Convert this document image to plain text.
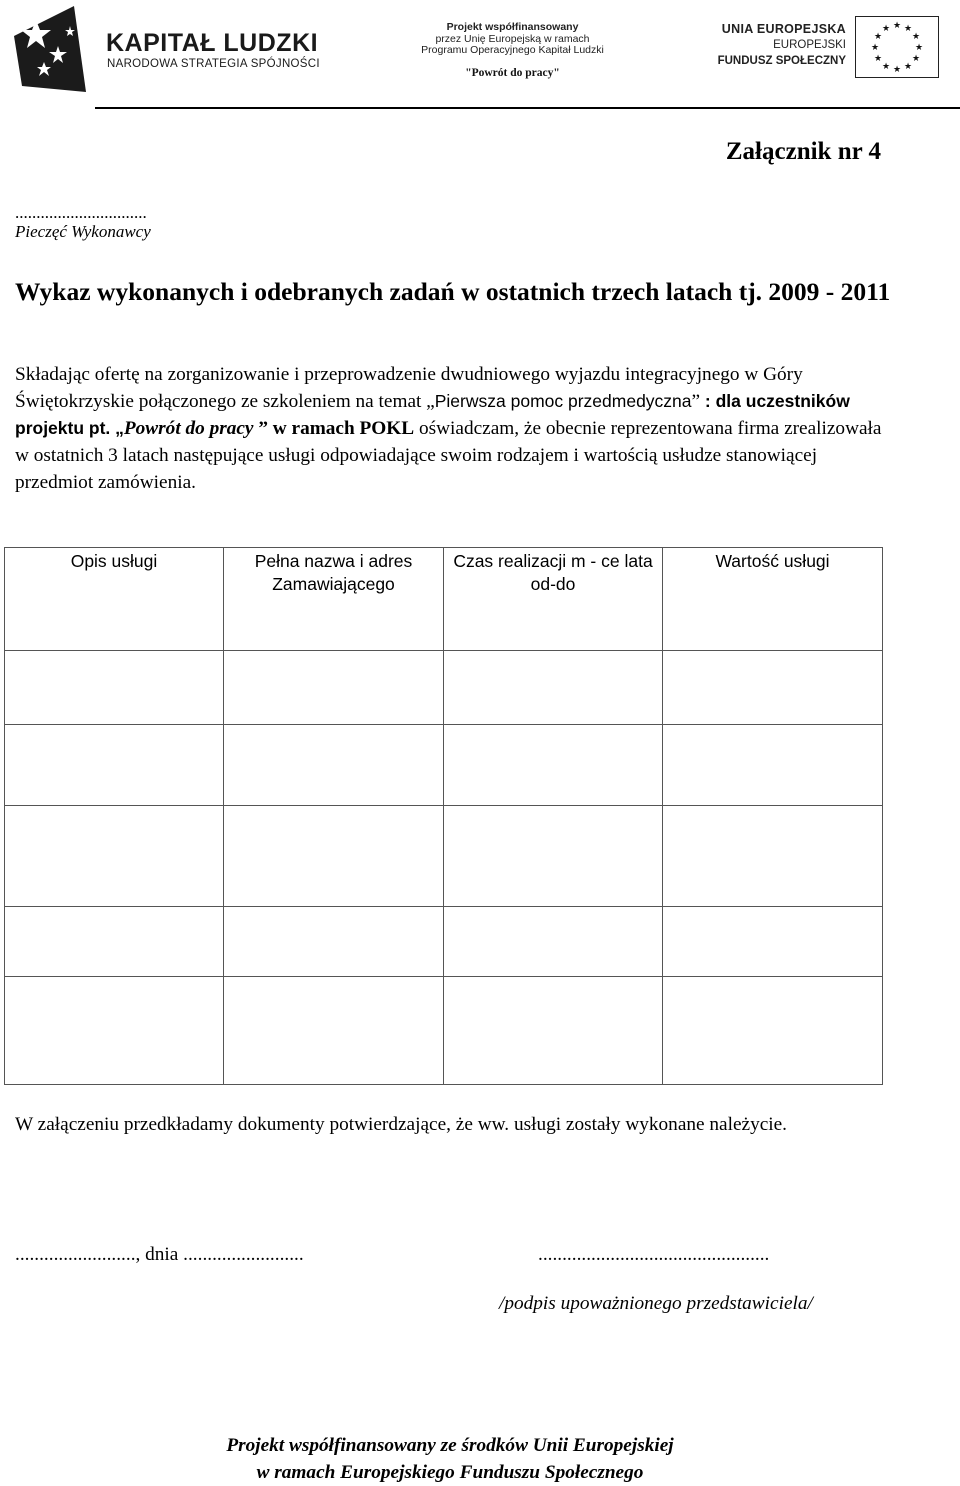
KAPITAŁ LUDZKI
NARODOWA STRATEGIA SPÓJNOŚCI
Projekt współfinansowany
przez Unię Europejską w ramach
Programu Operacyjnego Kapitał Ludzki
"Powrót do pracy"
UNIA EUROPEJSKA
EUROPEJSKI
FUNDUSZ SPOŁECZNY
★ ★
★
★
★
★
★
★
★
★
★
★
Załącznik nr 4
...............................
Pieczęć Wykonawcy
Wykaz wykonanych i odebranych zadań w ostatnich trzech latach tj. 2009 - 2011
Składając ofertę na zorganizowanie i przeprowadzenie dwudniowego wyjazdu integracyjnego w Góry Świętokrzyskie połączonego ze szkoleniem na temat „Pierwsza pomoc przedmedyczna” : dla uczestników projektu pt. „Powrót do pracy ” w ramach POKL oświadczam, że obecnie reprezentowana firma zrealizowała w ostatnich 3 latach następujące usługi odpowiadające swoim rodzajem i wartością usłudze stanowiącej przedmiot zamówienia.
Opis usługi	Pełna nazwa i adres Zamawiającego	Czas realizacji m - ce lata od-do	Wartość usługi

W załączeniu przedkładamy dokumenty potwierdzające, że ww. usługi zostały wykonane należycie.
........................., dnia .........................	................................................
/podpis upoważnionego przedstawiciela/
Projekt współfinansowany ze środków Unii Europejskiej
w ramach Europejskiego Funduszu Społecznego
